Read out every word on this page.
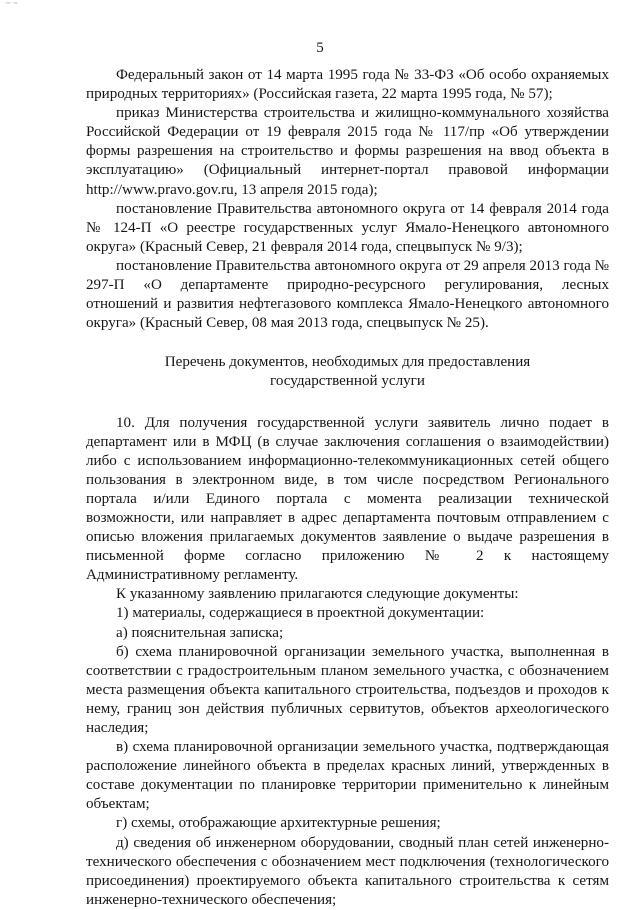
·≈·≈
5

Федеральный закон от 14 марта 1995 года № 33-ФЗ «Об особо охраняемых природных территориях» (Российская газета, 22 марта 1995 года, № 57);

приказ Министерства строительства и жилищно-коммунального хозяйства Российской Федерации от 19 февраля 2015 года № 117/пр «Об утверждении формы разрешения на строительство и формы разрешения на ввод объекта в эксплуатацию» (Официальный интернет-портал правовой информации http://www.pravo.gov.ru, 13 апреля 2015 года);

постановление Правительства автономного округа от 14 февраля 2014 года № 124-П «О реестре государственных услуг Ямало-Ненецкого автономного округа» (Красный Север, 21 февраля 2014 года, спецвыпуск № 9/3);

постановление Правительства автономного округа от 29 апреля 2013 года № 297-П «О департаменте природно-ресурсного регулирования, лесных отношений и развития нефтегазового комплекса Ямало-Ненецкого автономного округа» (Красный Север, 08 мая 2013 года, спецвыпуск № 25).

Перечень документов, необходимых для предоставления
государственной услуги

10. Для получения государственной услуги заявитель лично подает в департамент или в МФЦ (в случае заключения соглашения о взаимодействии) либо с использованием информационно-телекоммуникационных сетей общего пользования в электронном виде, в том числе посредством Регионального портала и/или Единого портала с момента реализации технической возможности, или направляет в адрес департамента почтовым отправлением с описью вложения прилагаемых документов заявление о выдаче разрешения в письменной форме согласно приложению № 2 к настоящему Административному регламенту.

К указанному заявлению прилагаются следующие документы:

1) материалы, содержащиеся в проектной документации:

а) пояснительная записка;

б) схема планировочной организации земельного участка, выполненная в соответствии с градостроительным планом земельного участка, с обозначением места размещения объекта капитального строительства, подъездов и проходов к нему, границ зон действия публичных сервитутов, объектов археологического наследия;

в) схема планировочной организации земельного участка, подтверждающая расположение линейного объекта в пределах красных линий, утвержденных в составе документации по планировке территории применительно к линейным объектам;

г) схемы, отображающие архитектурные решения;

д) сведения об инженерном оборудовании, сводный план сетей инженерно-технического обеспечения с обозначением мест подключения (технологического присоединения) проектируемого объекта капитального строительства к сетям инженерно-технического обеспечения;
